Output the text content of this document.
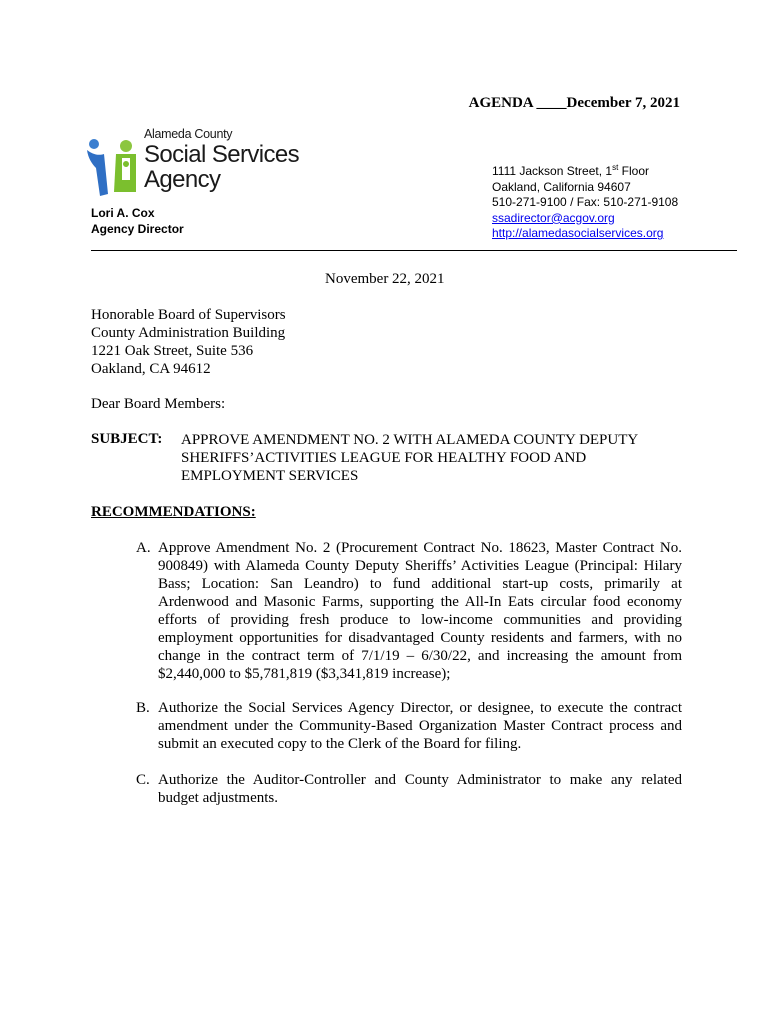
AGENDA ____December 7, 2021
Alameda County
Social Services
Agency	1111 Jackson Street, 1st Floor
Oakland, California 94607
510-271-9100 / Fax: 510-271-9108
ssadirector@acgov.org
http://alamedasocialservices.org
Lori A. Cox
Agency Director
November 22, 2021
Honorable Board of Supervisors
County Administration Building
1221 Oak Street, Suite 536
Oakland, CA 94612
Dear Board Members:
SUBJECT: APPROVE AMENDMENT NO. 2 WITH ALAMEDA COUNTY DEPUTY
SHERIFFS’ACTIVITIES LEAGUE FOR HEALTHY FOOD AND
EMPLOYMENT SERVICES
RECOMMENDATIONS:
A. Approve Amendment No. 2 (Procurement Contract No. 18623, Master Contract No. 900849) with Alameda County Deputy Sheriffs’ Activities League (Principal: Hilary Bass; Location: San Leandro) to fund additional start-up costs, primarily at Ardenwood and Masonic Farms, supporting the All-In Eats circular food economy efforts of providing fresh produce to low-income communities and providing employment opportunities for disadvantaged County residents and farmers, with no change in the contract term of 7/1/19 – 6/30/22, and increasing the amount from $2,440,000 to $5,781,819 ($3,341,819 increase);
B. Authorize the Social Services Agency Director, or designee, to execute the contract amendment under the Community-Based Organization Master Contract process and submit an executed copy to the Clerk of the Board for filing.
C. Authorize the Auditor-Controller and County Administrator to make any related budget adjustments.
